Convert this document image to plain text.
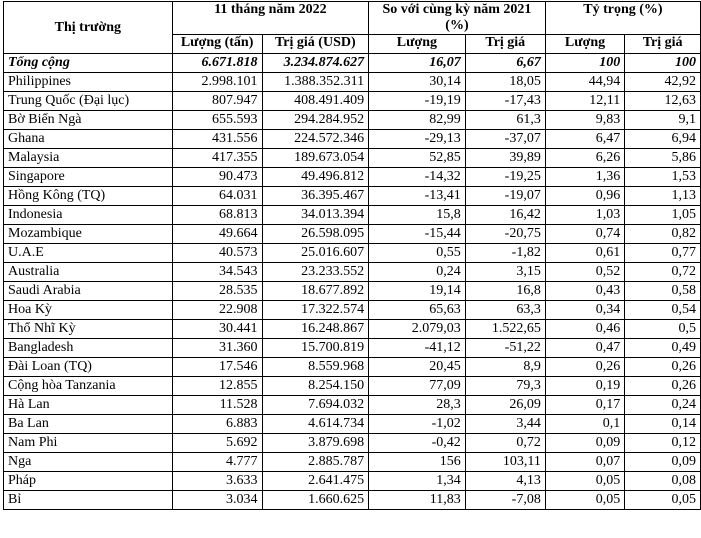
Thị trường	11 tháng năm 2022		So với cùng kỳ năm 2021 (%)		Tỷ trọng (%)	
	Lượng (tấn)	Trị giá (USD)	Lượng	Trị giá	Lượng	Trị giá
Tổng cộng	6.671.818	3.234.874.627	16,07	6,67	100	100
Philippines	2.998.101	1.388.352.311	30,14	18,05	44,94	42,92
Trung Quốc (Đại lục)	807.947	408.491.409	-19,19	-17,43	12,11	12,63
Bờ Biển Ngà	655.593	294.284.952	82,99	61,3	9,83	9,1
Ghana	431.556	224.572.346	-29,13	-37,07	6,47	6,94
Malaysia	417.355	189.673.054	52,85	39,89	6,26	5,86
Singapore	90.473	49.496.812	-14,32	-19,25	1,36	1,53
Hồng Kông (TQ)	64.031	36.395.467	-13,41	-19,07	0,96	1,13
Indonesia	68.813	34.013.394	15,8	16,42	1,03	1,05
Mozambique	49.664	26.598.095	-15,44	-20,75	0,74	0,82
U.A.E	40.573	25.016.607	0,55	-1,82	0,61	0,77
Australia	34.543	23.233.552	0,24	3,15	0,52	0,72
Saudi Arabia	28.535	18.677.892	19,14	16,8	0,43	0,58
Hoa Kỳ	22.908	17.322.574	65,63	63,3	0,34	0,54
Thổ Nhĩ Kỳ	30.441	16.248.867	2.079,03	1.522,65	0,46	0,5
Bangladesh	31.360	15.700.819	-41,12	-51,22	0,47	0,49
Đài Loan (TQ)	17.546	8.559.968	20,45	8,9	0,26	0,26
Cộng hòa Tanzania	12.855	8.254.150	77,09	79,3	0,19	0,26
Hà Lan	11.528	7.694.032	28,3	26,09	0,17	0,24
Ba Lan	6.883	4.614.734	-1,02	3,44	0,1	0,14
Nam Phi	5.692	3.879.698	-0,42	0,72	0,09	0,12
Nga	4.777	2.885.787	156	103,11	0,07	0,09
Pháp	3.633	2.641.475	1,34	4,13	0,05	0,08
Bỉ	3.034	1.660.625	11,83	-7,08	0,05	0,05
